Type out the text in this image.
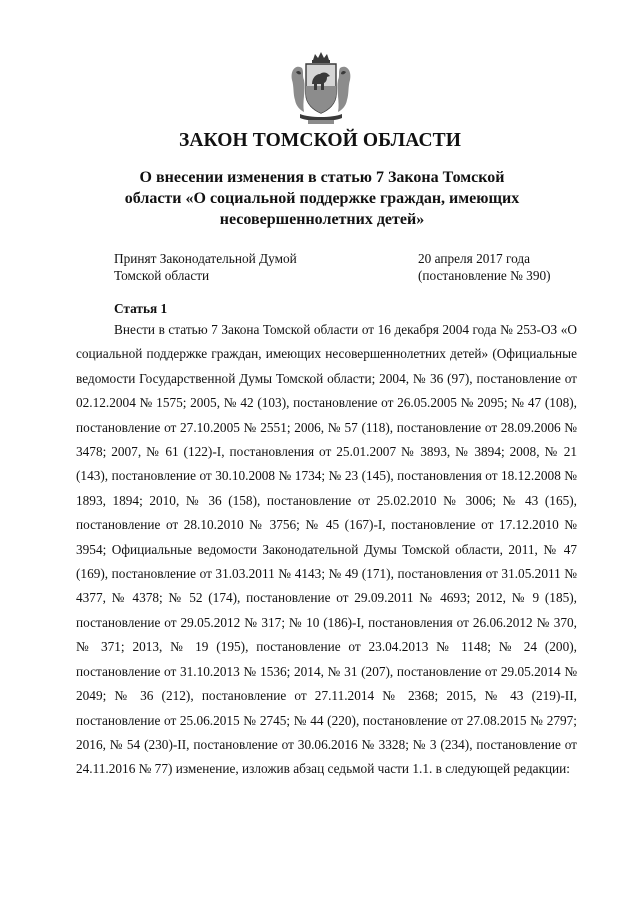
ЗАКОН ТОМСКОЙ ОБЛАСТИ
О внесении изменения в статью 7 Закона Томской
области «О социальной поддержке граждан, имеющих
несовершеннолетних детей»
Принят Законодательной Думой
Томской области
20 апреля 2017 года
(постановление № 390)
Статья 1

Внести в статью 7 Закона Томской области от 16 декабря 2004 года № 253-ОЗ «О социальной поддержке граждан, имеющих несовершеннолетних детей» (Официальные ведомости Государственной Думы Томской области; 2004, № 36 (97), постановление от 02.12.2004 № 1575; 2005, № 42 (103), постановление от 26.05.2005 № 2095; № 47 (108), постановление от 27.10.2005 № 2551; 2006, № 57 (118), постановление от 28.09.2006 № 3478; 2007, № 61 (122)-I, постановления от 25.01.2007 № 3893, № 3894; 2008, № 21 (143), постановление от 30.10.2008 № 1734; № 23 (145), постановления от 18.12.2008 № 1893, 1894; 2010, № 36 (158), постановление от 25.02.2010 № 3006; № 43 (165), постановление от 28.10.2010 № 3756; № 45 (167)-I, постановление от 17.12.2010 № 3954; Официальные ведомости Законодательной Думы Томской области, 2011, № 47 (169), постановление от 31.03.2011 № 4143; № 49 (171), постановления от 31.05.2011 № 4377, № 4378; № 52 (174), постановление от 29.09.2011 № 4693; 2012, № 9 (185), постановление от 29.05.2012 № 317; № 10 (186)-I, постановления от 26.06.2012 № 370, № 371; 2013, № 19 (195), постановление от 23.04.2013 № 1148; № 24 (200), постановление от 31.10.2013 № 1536; 2014, № 31 (207), постановление от 29.05.2014 № 2049; № 36 (212), постановление от 27.11.2014 № 2368; 2015, № 43 (219)-II, постановление от 25.06.2015 № 2745; № 44 (220), постановление от 27.08.2015 № 2797; 2016, № 54 (230)-II, постановление от 30.06.2016 № 3328; № 3 (234), постановление от 24.11.2016 № 77) изменение, изложив абзац седьмой части 1.1. в следующей редакции:
